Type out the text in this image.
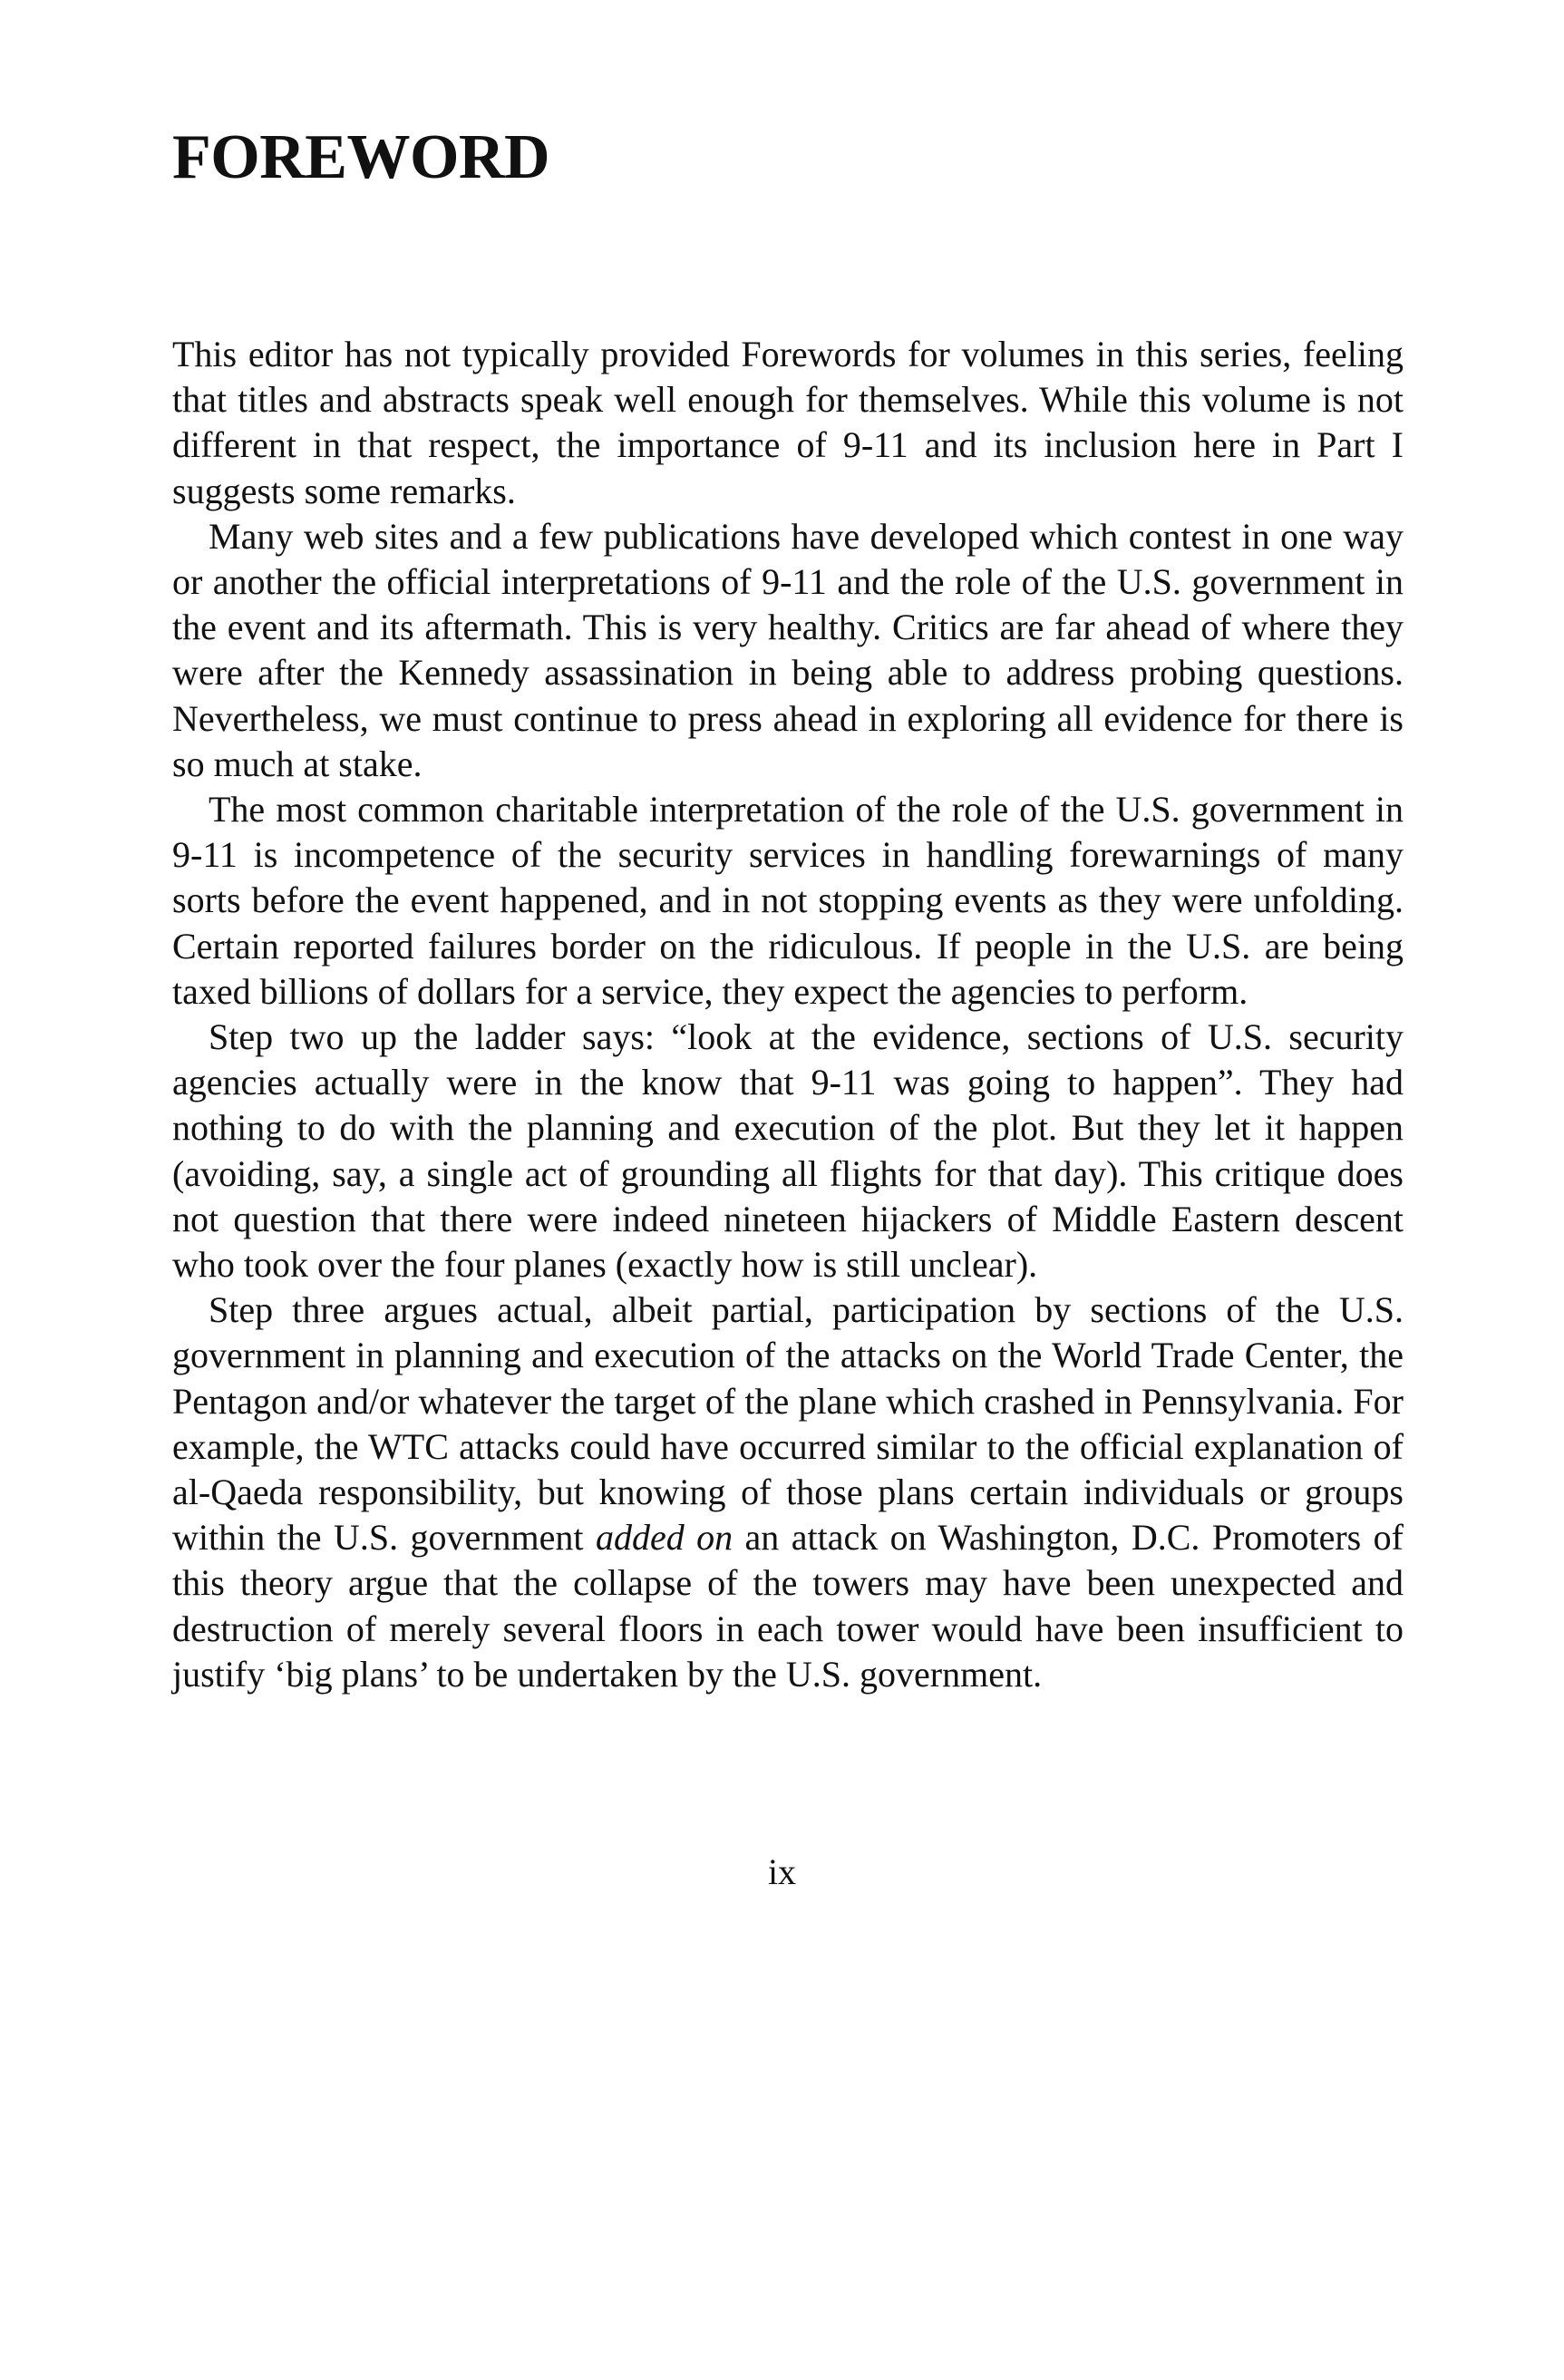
FOREWORD

This editor has not typically provided Forewords for volumes in this series, feeling that titles and abstracts speak well enough for themselves. While this volume is not different in that respect, the importance of 9-11 and its inclusion here in Part I suggests some remarks.

Many web sites and a few publications have developed which contest in one way or another the official interpretations of 9-11 and the role of the U.S. government in the event and its aftermath. This is very healthy. Critics are far ahead of where they were after the Kennedy assassination in being able to address probing questions. Nevertheless, we must continue to press ahead in exploring all evidence for there is so much at stake.

The most common charitable interpretation of the role of the U.S. government in 9-11 is incompetence of the security services in handling forewarnings of many sorts before the event happened, and in not stopping events as they were unfolding. Certain reported failures border on the ridiculous. If people in the U.S. are being taxed billions of dollars for a service, they expect the agencies to perform.

Step two up the ladder says: “look at the evidence, sections of U.S. security agencies actually were in the know that 9-11 was going to happen”. They had nothing to do with the planning and execution of the plot. But they let it happen (avoiding, say, a single act of grounding all flights for that day). This critique does not question that there were indeed nineteen hijackers of Middle Eastern descent who took over the four planes (exactly how is still unclear).

Step three argues actual, albeit partial, participation by sections of the U.S. government in planning and execution of the attacks on the World Trade Center, the Pentagon and/or whatever the target of the plane which crashed in Pennsylvania. For example, the WTC attacks could have occurred similar to the official explanation of al-Qaeda responsibility, but knowing of those plans certain individuals or groups within the U.S. government added on an attack on Washington, D.C. Promoters of this theory argue that the collapse of the towers may have been unexpected and destruction of merely several floors in each tower would have been insufficient to justify ‘big plans’ to be undertaken by the U.S. government.

ix
